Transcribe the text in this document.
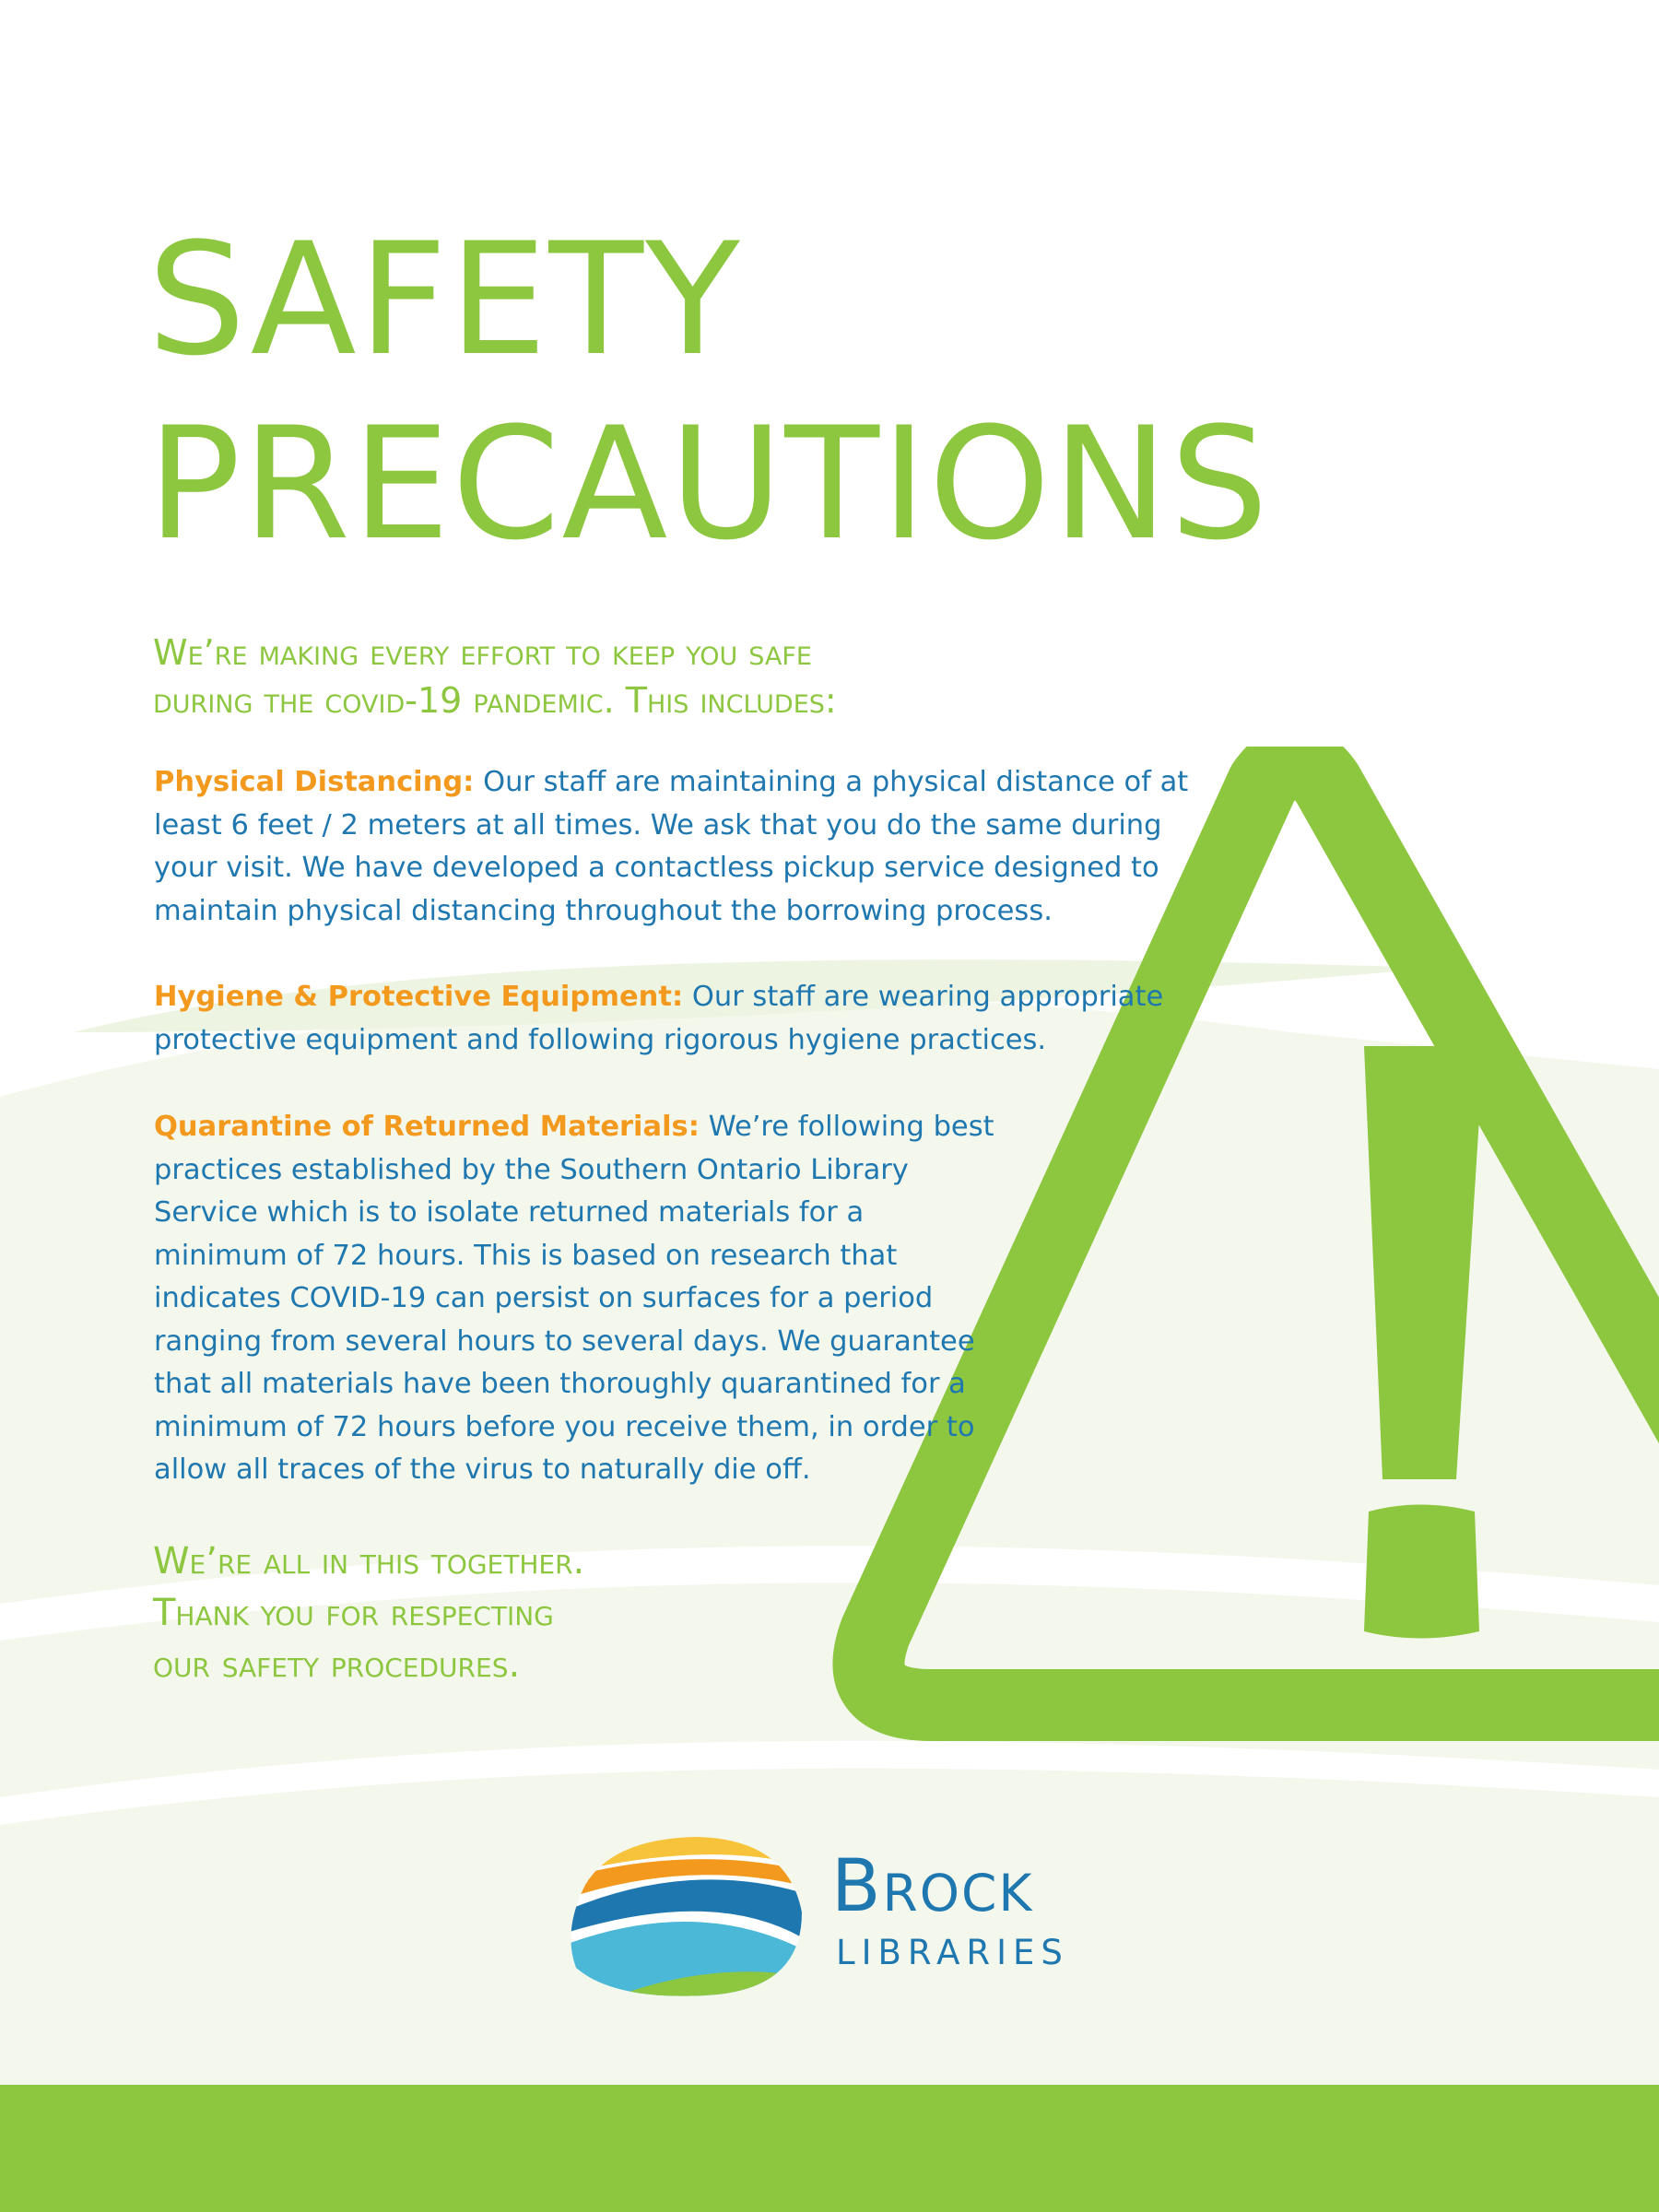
SAFETY
PRECAUTIONS
We’re making every effort to keep you safe
during the covid-19 pandemic. This includes:

Physical Distancing: Our staff are maintaining a physical distance of at least 6 feet / 2 meters at all times. We ask that you do the same during your visit. We have developed a contactless pickup service designed to maintain physical distancing throughout the borrowing process.

Hygiene & Protective Equipment: Our staff are wearing appropriate protective equipment and following rigorous hygiene practices.

Quarantine of Returned Materials: We’re following best practices established by the Southern Ontario Library Service which is to isolate returned materials for a minimum of 72 hours. This is based on research that indicates COVID-19 can persist on surfaces for a period ranging from several hours to several days. We guarantee that all materials have been thoroughly quarantined for a minimum of 72 hours before you receive them, in order to allow all traces of the virus to naturally die off.

We’re all in this together.
Thank you for respecting
our safety procedures.
Brock
LIBRARIES
